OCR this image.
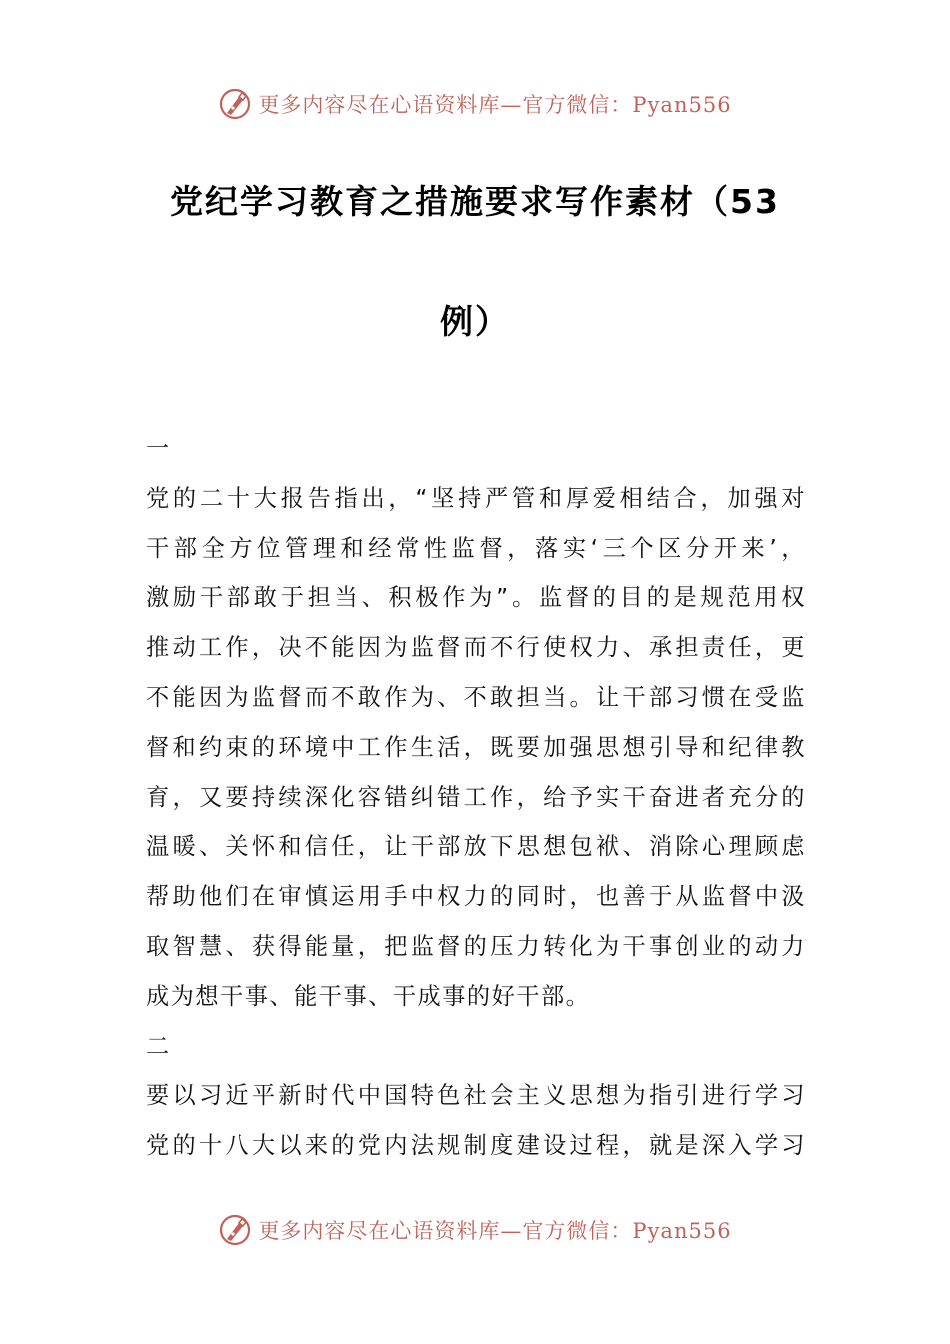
更多内容尽在心语资料库—官方微信：Pyan556
党纪学习教育之措施要求写作素材（53
例）
一
党的二十大报告指出，“坚持严管和厚爱相结合，加强对
干部全方位管理和经常性监督，落实‘三个区分开来’，
激励干部敢于担当、积极作为”。监督的目的是规范用权
推动工作，决不能因为监督而不行使权力、承担责任，更
不能因为监督而不敢作为、不敢担当。让干部习惯在受监
督和约束的环境中工作生活，既要加强思想引导和纪律教
育，又要持续深化容错纠错工作，给予实干奋进者充分的
温暖、关怀和信任，让干部放下思想包袱、消除心理顾虑
帮助他们在审慎运用手中权力的同时，也善于从监督中汲
取智慧、获得能量，把监督的压力转化为干事创业的动力
成为想干事、能干事、干成事的好干部。
二
要以习近平新时代中国特色社会主义思想为指引进行学习
党的十八大以来的党内法规制度建设过程，就是深入学习
更多内容尽在心语资料库—官方微信：Pyan556
